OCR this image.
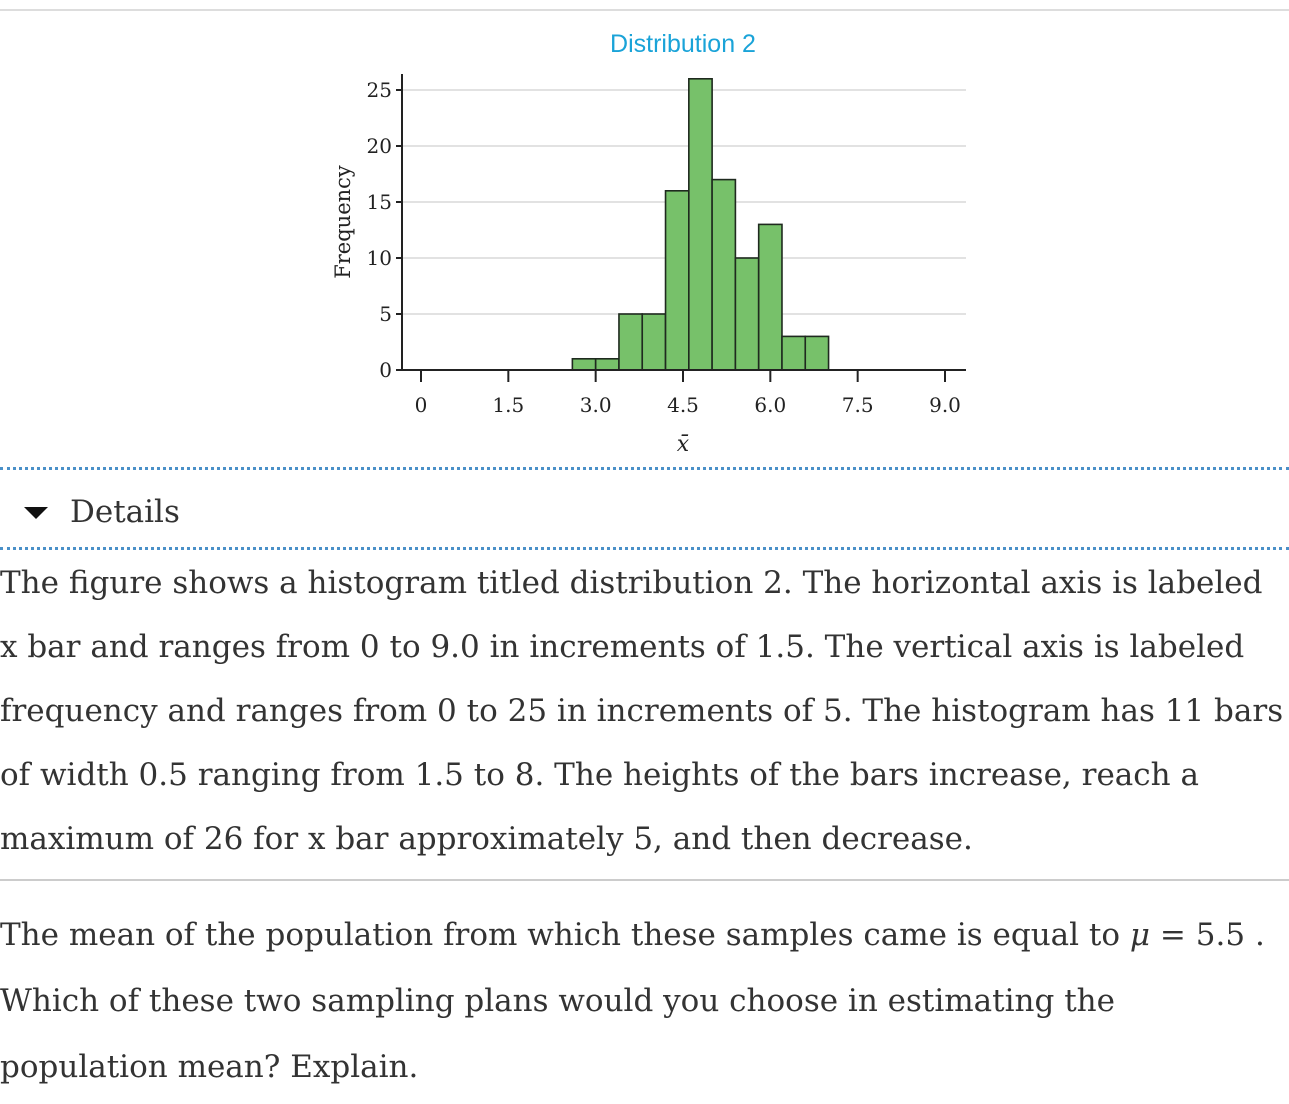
Distribution 2
0	1.5	3.0	4.5	6.0	7.5	9.0
0
5
10
15
20
25
Frequency
x̄
Details

The figure shows a histogram titled distribution 2. The horizontal axis is labeled x bar and ranges from 0 to 9.0 in increments of 1.5. The vertical axis is labeled frequency and ranges from 0 to 25 in increments of 5. The histogram has 11 bars of width 0.5 ranging from 1.5 to 8. The heights of the bars increase, reach a maximum of 26 for x bar approximately 5, and then decrease.

The mean of the population from which these samples came is equal to μ = 5.5 . Which of these two sampling plans would you choose in estimating the population mean? Explain.
